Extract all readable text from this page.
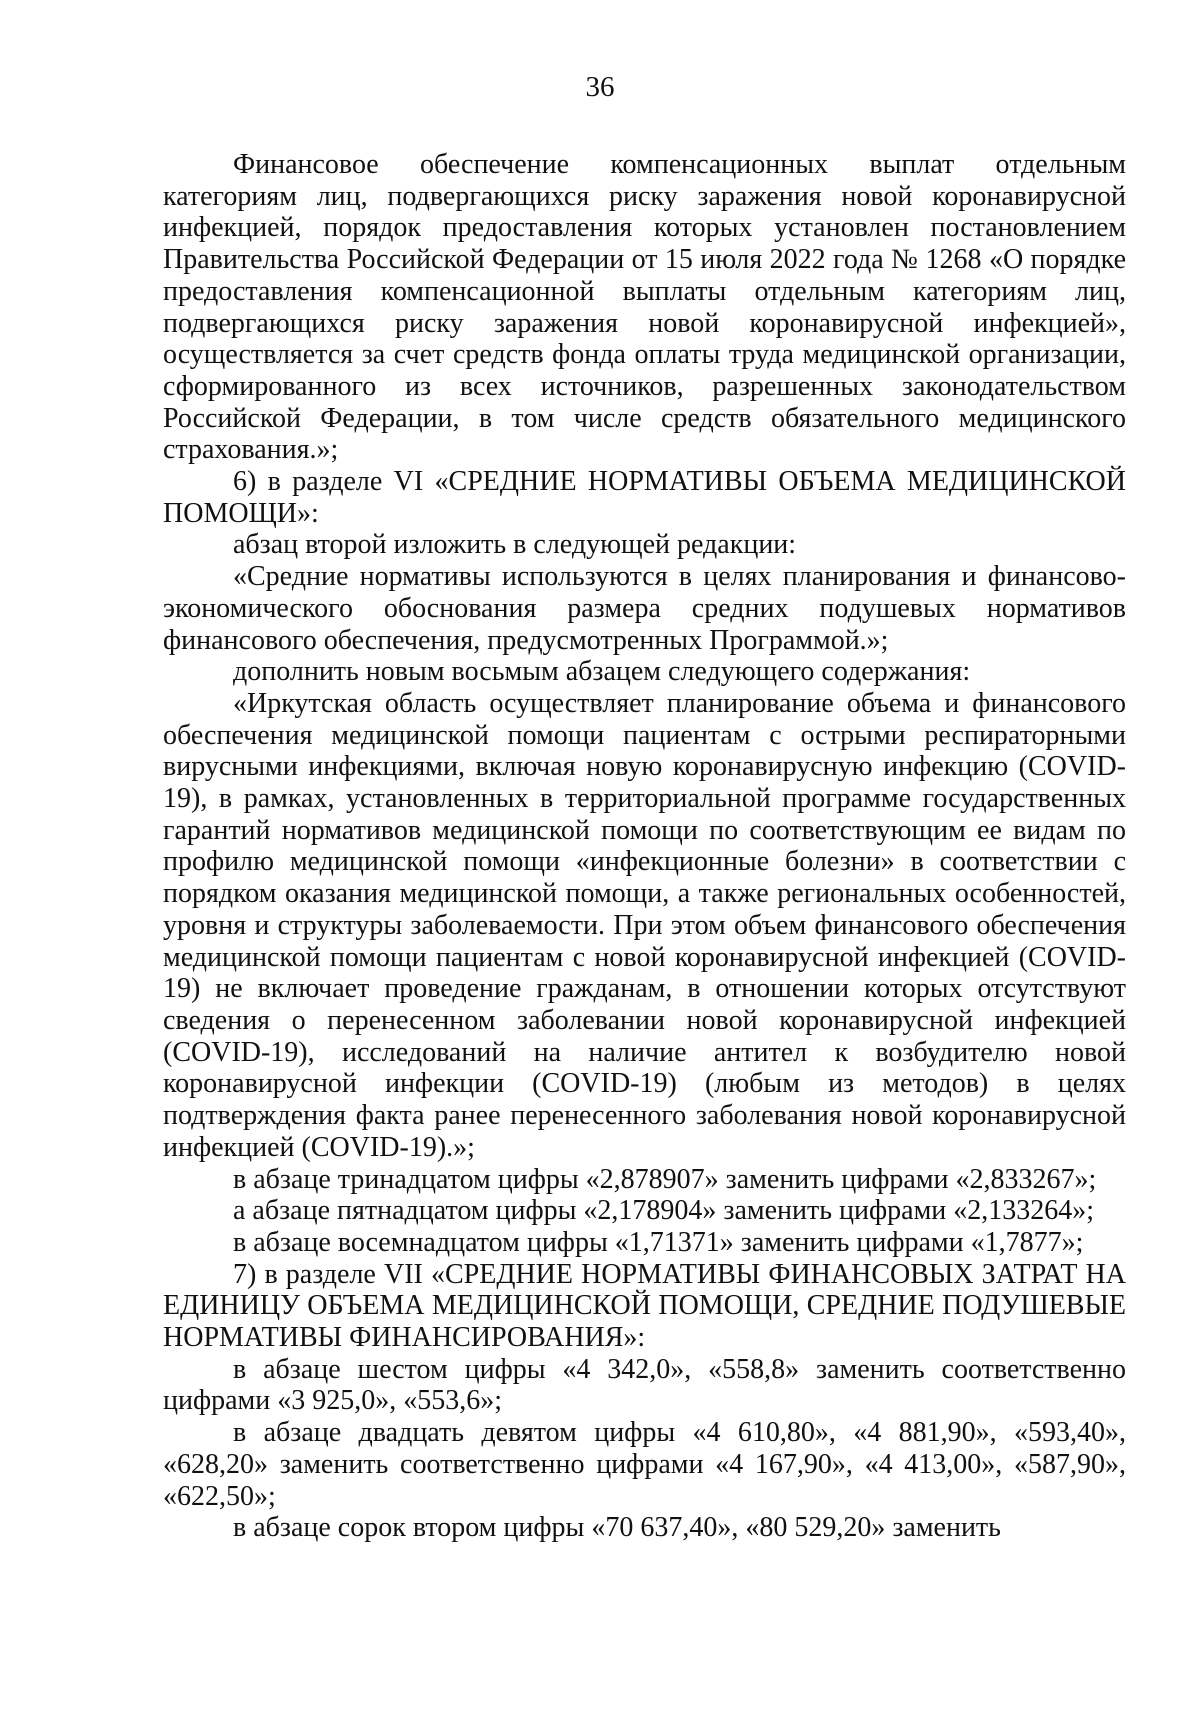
36

Финансовое обеспечение компенсационных выплат отдельным категориям лиц, подвергающихся риску заражения новой коронавирусной инфекцией, порядок предоставления которых установлен постановлением Правительства Российской Федерации от 15 июля 2022 года № 1268 «О порядке предоставления компенсационной выплаты отдельным категориям лиц, подвергающихся риску заражения новой коронавирусной инфекцией», осуществляется за счет средств фонда оплаты труда медицинской организации, сформированного из всех источников, разрешенных законодательством Российской Федерации, в том числе средств обязательного медицинского страхования.»;

6) в разделе VI «СРЕДНИЕ НОРМАТИВЫ ОБЪЕМА МЕДИЦИНСКОЙ ПОМОЩИ»:

абзац второй изложить в следующей редакции:

«Средние нормативы используются в целях планирования и финансово-экономического обоснования размера средних подушевых нормативов финансового обеспечения, предусмотренных Программой.»;

дополнить новым восьмым абзацем следующего содержания:

«Иркутская область осуществляет планирование объема и финансового обеспечения медицинской помощи пациентам с острыми респираторными вирусными инфекциями, включая новую коронавирусную инфекцию (COVID-19), в рамках, установленных в территориальной программе государственных гарантий нормативов медицинской помощи по соответствующим ее видам по профилю медицинской помощи «инфекционные болезни» в соответствии с порядком оказания медицинской помощи, а также региональных особенностей, уровня и структуры заболеваемости. При этом объем финансового обеспечения медицинской помощи пациентам с новой коронавирусной инфекцией (COVID-19) не включает проведение гражданам, в отношении которых отсутствуют сведения о перенесенном заболевании новой коронавирусной инфекцией (COVID-19), исследований на наличие антител к возбудителю новой коронавирусной инфекции (COVID-19) (любым из методов) в целях подтверждения факта ранее перенесенного заболевания новой коронавирусной инфекцией (COVID-19).»;

в абзаце тринадцатом цифры «2,878907» заменить цифрами «2,833267»;

а абзаце пятнадцатом цифры «2,178904» заменить цифрами «2,133264»;

в абзаце восемнадцатом цифры «1,71371» заменить цифрами «1,7877»;

7) в разделе VII «СРЕДНИЕ НОРМАТИВЫ ФИНАНСОВЫХ ЗАТРАТ НА ЕДИНИЦУ ОБЪЕМА МЕДИЦИНСКОЙ ПОМОЩИ, СРЕДНИЕ ПОДУШЕВЫЕ НОРМАТИВЫ ФИНАНСИРОВАНИЯ»:

в абзаце шестом цифры «4 342,0», «558,8» заменить соответственно цифрами «3 925,0», «553,6»;

в абзаце двадцать девятом цифры «4 610,80», «4 881,90», «593,40», «628,20» заменить соответственно цифрами «4 167,90», «4 413,00», «587,90», «622,50»;

в абзаце сорок втором цифры «70 637,40», «80 529,20» заменить
